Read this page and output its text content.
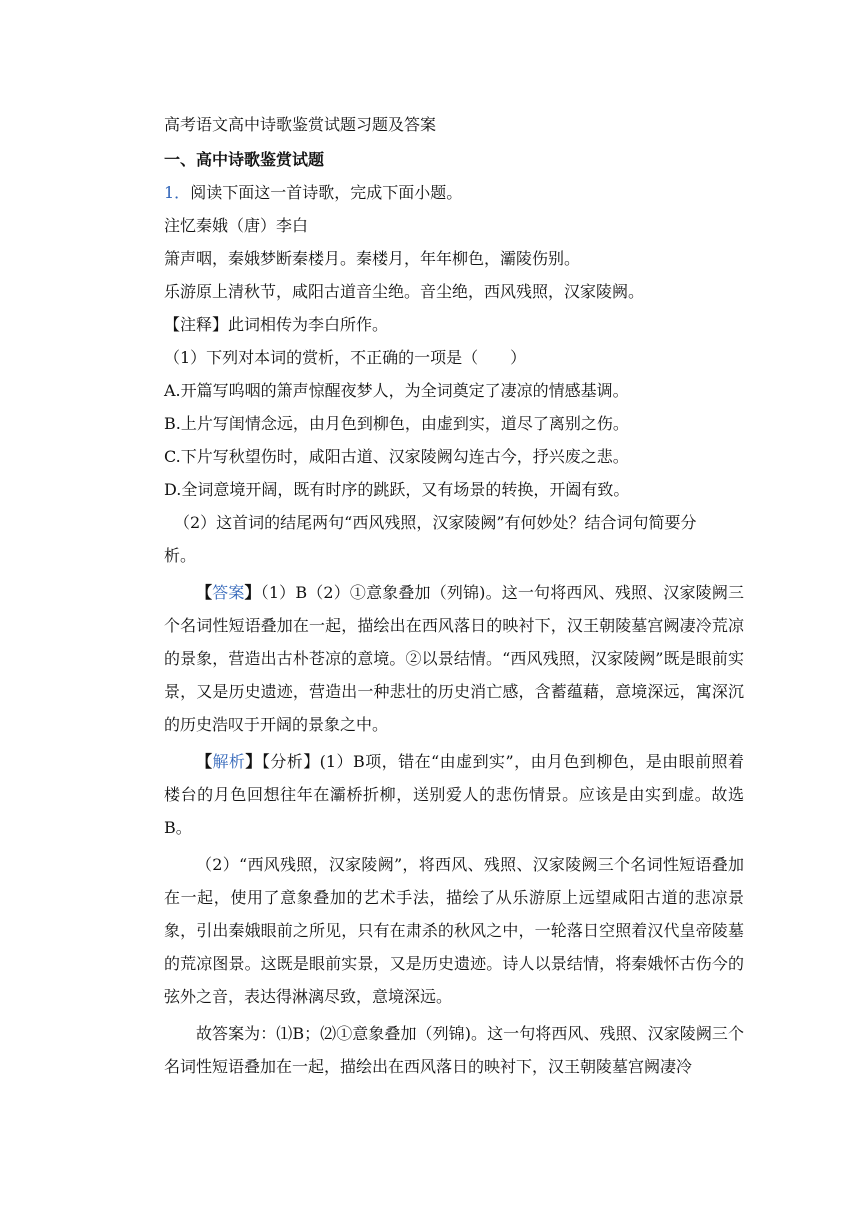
高考语文高中诗歌鉴赏试题习题及答案

一、高中诗歌鉴赏试题

1．阅读下面这一首诗歌，完成下面小题。

注忆秦娥（唐）李白

箫声咽，秦娥梦断秦楼月。秦楼月，年年柳色，灞陵伤别。

乐游原上清秋节，咸阳古道音尘绝。音尘绝，西风残照，汉家陵阙。

【注释】此词相传为李白所作。

（1）下列对本词的赏析，不正确的一项是（　　）

A.开篇写呜咽的箫声惊醒夜梦人，为全词奠定了凄凉的情感基调。

B.上片写闺情念远，由月色到柳色，由虚到实，道尽了离别之伤。

C.下片写秋望伤时，咸阳古道、汉家陵阙勾连古今，抒兴废之悲。

D.全词意境开阔，既有时序的跳跃，又有场景的转换，开阖有致。

（2）这首词的结尾两句“西风残照，汉家陵阙”有何妙处？结合词句简要分

析。

【答案】（1）B（2）①意象叠加（列锦)。这一句将西风、残照、汉家陵阙三个名词性短语叠加在一起，描绘出在西风落日的映衬下，汉王朝陵墓宫阙凄冷荒凉的景象，营造出古朴苍凉的意境。②以景结情。“西风残照，汉家陵阙”既是眼前实景，又是历史遗迹，营造出一种悲壮的历史消亡感，含蓄蕴藉，意境深远，寓深沉的历史浩叹于开阔的景象之中。

【解析】【分析】(1）B项，错在“由虚到实”，由月色到柳色，是由眼前照着楼台的月色回想往年在灞桥折柳，送别爱人的悲伤情景。应该是由实到虚。故选 B。

（2）“西风残照，汉家陵阙”，将西风、残照、汉家陵阙三个名词性短语叠加在一起，使用了意象叠加的艺术手法，描绘了从乐游原上远望咸阳古道的悲凉景象，引出秦娥眼前之所见，只有在肃杀的秋风之中，一轮落日空照着汉代皇帝陵墓的荒凉图景。这既是眼前实景，又是历史遗迹。诗人以景结情，将秦娥怀古伤今的弦外之音，表达得淋漓尽致，意境深远。

故答案为：⑴B；⑵①意象叠加（列锦)。这一句将西风、残照、汉家陵阙三个名词性短语叠加在一起，描绘出在西风落日的映衬下，汉王朝陵墓宫阙凄冷
